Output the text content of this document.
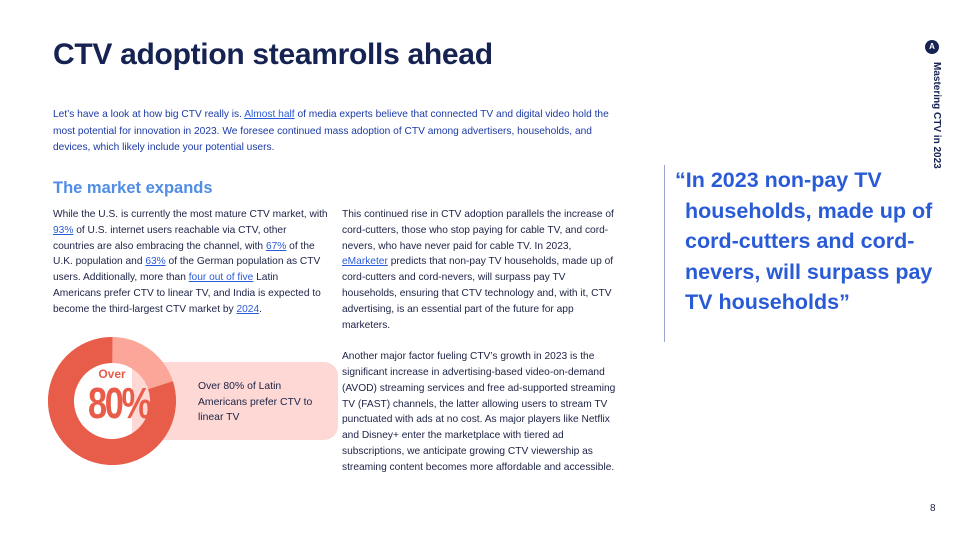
CTV adoption steamrolls ahead	A
Mastering CTV in 2023
Let’s have a look at how big CTV really is. Almost half of media experts believe that connected TV and digital video hold the most potential for innovation in 2023. We foresee continued mass adoption of CTV among advertisers, households, and devices, which likely include your potential users.
The market expands
While the U.S. is currently the most mature CTV market, with 93% of U.S. internet users reachable via CTV, other countries are also embracing the channel, with 67% of the U.K. population and 63% of the German population as CTV users. Additionally, more than four out of five Latin Americans prefer CTV to linear TV, and India is expected to become the third-largest CTV market by 2024.
Over
80%	Over 80% of Latin Americans prefer CTV to linear TV

This continued rise in CTV adoption parallels the increase of cord-cutters, those who stop paying for cable TV, and cord-nevers, who have never paid for cable TV. In 2023, eMarketer predicts that non-pay TV households, made up of cord-cutters and cord-nevers, will surpass pay TV households, ensuring that CTV technology and, with it, CTV advertising, is an essential part of the future for app marketers.

Another major factor fueling CTV’s growth in 2023 is the significant increase in advertising-based video-on-demand (AVOD) streaming services and free ad-supported streaming TV (FAST) channels, the latter allowing users to stream TV punctuated with ads at no cost. As major players like Netflix and Disney+ enter the marketplace with tiered ad subscriptions, we anticipate growing CTV viewership as streaming content becomes more affordable and accessible.

“In 2023 non-pay TV households, made up of cord-cutters and cord-nevers, will surpass pay TV households”
8
